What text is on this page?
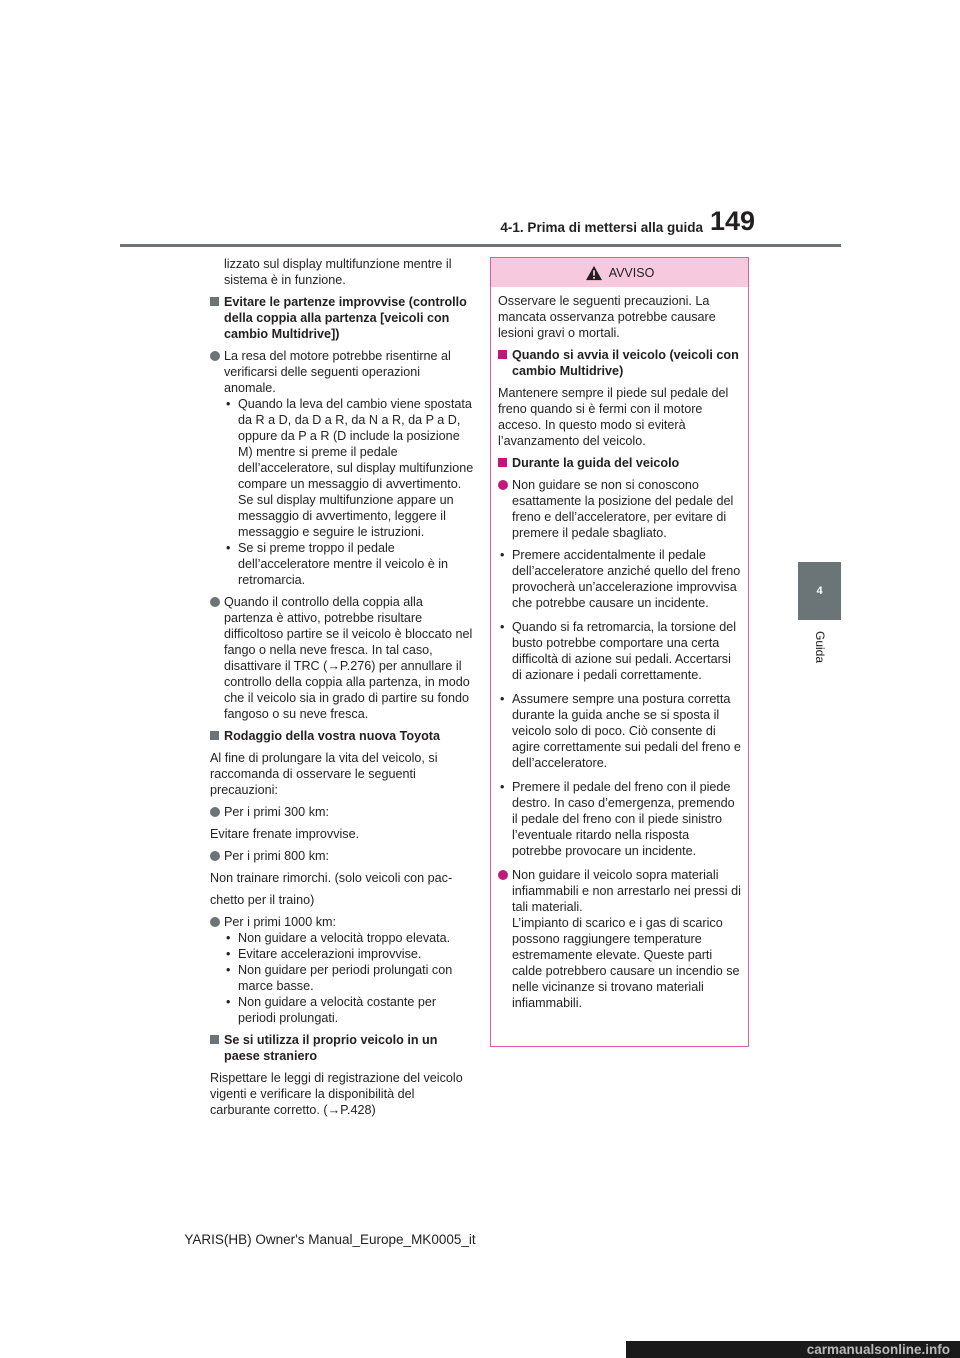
4-1. Prima di mettersi alla guida 149
4
Guida

lizzato sul display multifunzione mentre il sistema è in funzione.

Evitare le partenze improvvise (controllo della coppia alla partenza [veicoli con cambio Multidrive])
La resa del motore potrebbe risentirne al verificarsi delle seguenti operazioni anomale.
• Quando la leva del cambio viene spostata da R a D, da D a R, da N a R, da P a D, oppure da P a R (D include la posizione M) mentre si preme il pedale dell’acceleratore, sul display multifunzione compare un messaggio di avvertimento. Se sul display multifunzione appare un messaggio di avvertimento, leggere il messaggio e seguire le istruzioni.
• Se si preme troppo il pedale dell’acceleratore mentre il veicolo è in retromarcia.
Quando il controllo della coppia alla partenza è attivo, potrebbe risultare difficoltoso partire se il veicolo è bloccato nel fango o nella neve fresca. In tal caso, disattivare il TRC (→P.276) per annullare il controllo della coppia alla partenza, in modo che il veicolo sia in grado di partire su fondo fangoso o su neve fresca.
Rodaggio della vostra nuova Toyota

Al fine di prolungare la vita del veicolo, si raccomanda di osservare le seguenti precauzioni:

Per i primi 300 km:

Evitare frenate improvvise.

Per i primi 800 km:

Non trainare rimorchi. (solo veicoli con pac-

chetto per il traino)

Per i primi 1000 km:
• Non guidare a velocità troppo elevata.
• Evitare accelerazioni improvvise.
• Non guidare per periodi prolungati con marce basse.
• Non guidare a velocità costante per periodi prolungati.
Se si utilizza il proprio veicolo in un paese straniero

Rispettare le leggi di registrazione del veicolo vigenti e verificare la disponibilità del carburante corretto. (→P.428)

AVVISO

Osservare le seguenti precauzioni. La mancata osservanza potrebbe causare lesioni gravi o mortali.

Quando si avvia il veicolo (veicoli con cambio Multidrive)

Mantenere sempre il piede sul pedale del freno quando si è fermi con il motore acceso. In questo modo si eviterà l’avanzamento del veicolo.

Durante la guida del veicolo
Non guidare se non si conoscono esattamente la posizione del pedale del freno e dell’acceleratore, per evitare di premere il pedale sbagliato.
• Premere accidentalmente il pedale dell’acceleratore anziché quello del freno provocherà un’accelerazione improvvisa che potrebbe causare un incidente.
• Quando si fa retromarcia, la torsione del busto potrebbe comportare una certa difficoltà di azione sui pedali. Accertarsi di azionare i pedali correttamente.
• Assumere sempre una postura corretta durante la guida anche se si sposta il veicolo solo di poco. Ciò consente di agire correttamente sui pedali del freno e dell’acceleratore.
• Premere il pedale del freno con il piede destro. In caso d’emergenza, premendo il pedale del freno con il piede sinistro l’eventuale ritardo nella risposta potrebbe provocare un incidente.
Non guidare il veicolo sopra materiali infiammabili e non arrestarlo nei pressi di tali materiali.
L’impianto di scarico e i gas di scarico possono raggiungere temperature estremamente elevate. Queste parti calde potrebbero causare un incendio se nelle vicinanze si trovano materiali infiammabili.
YARIS(HB) Owner's Manual_Europe_MK0005_it
carmanualsonline.info
